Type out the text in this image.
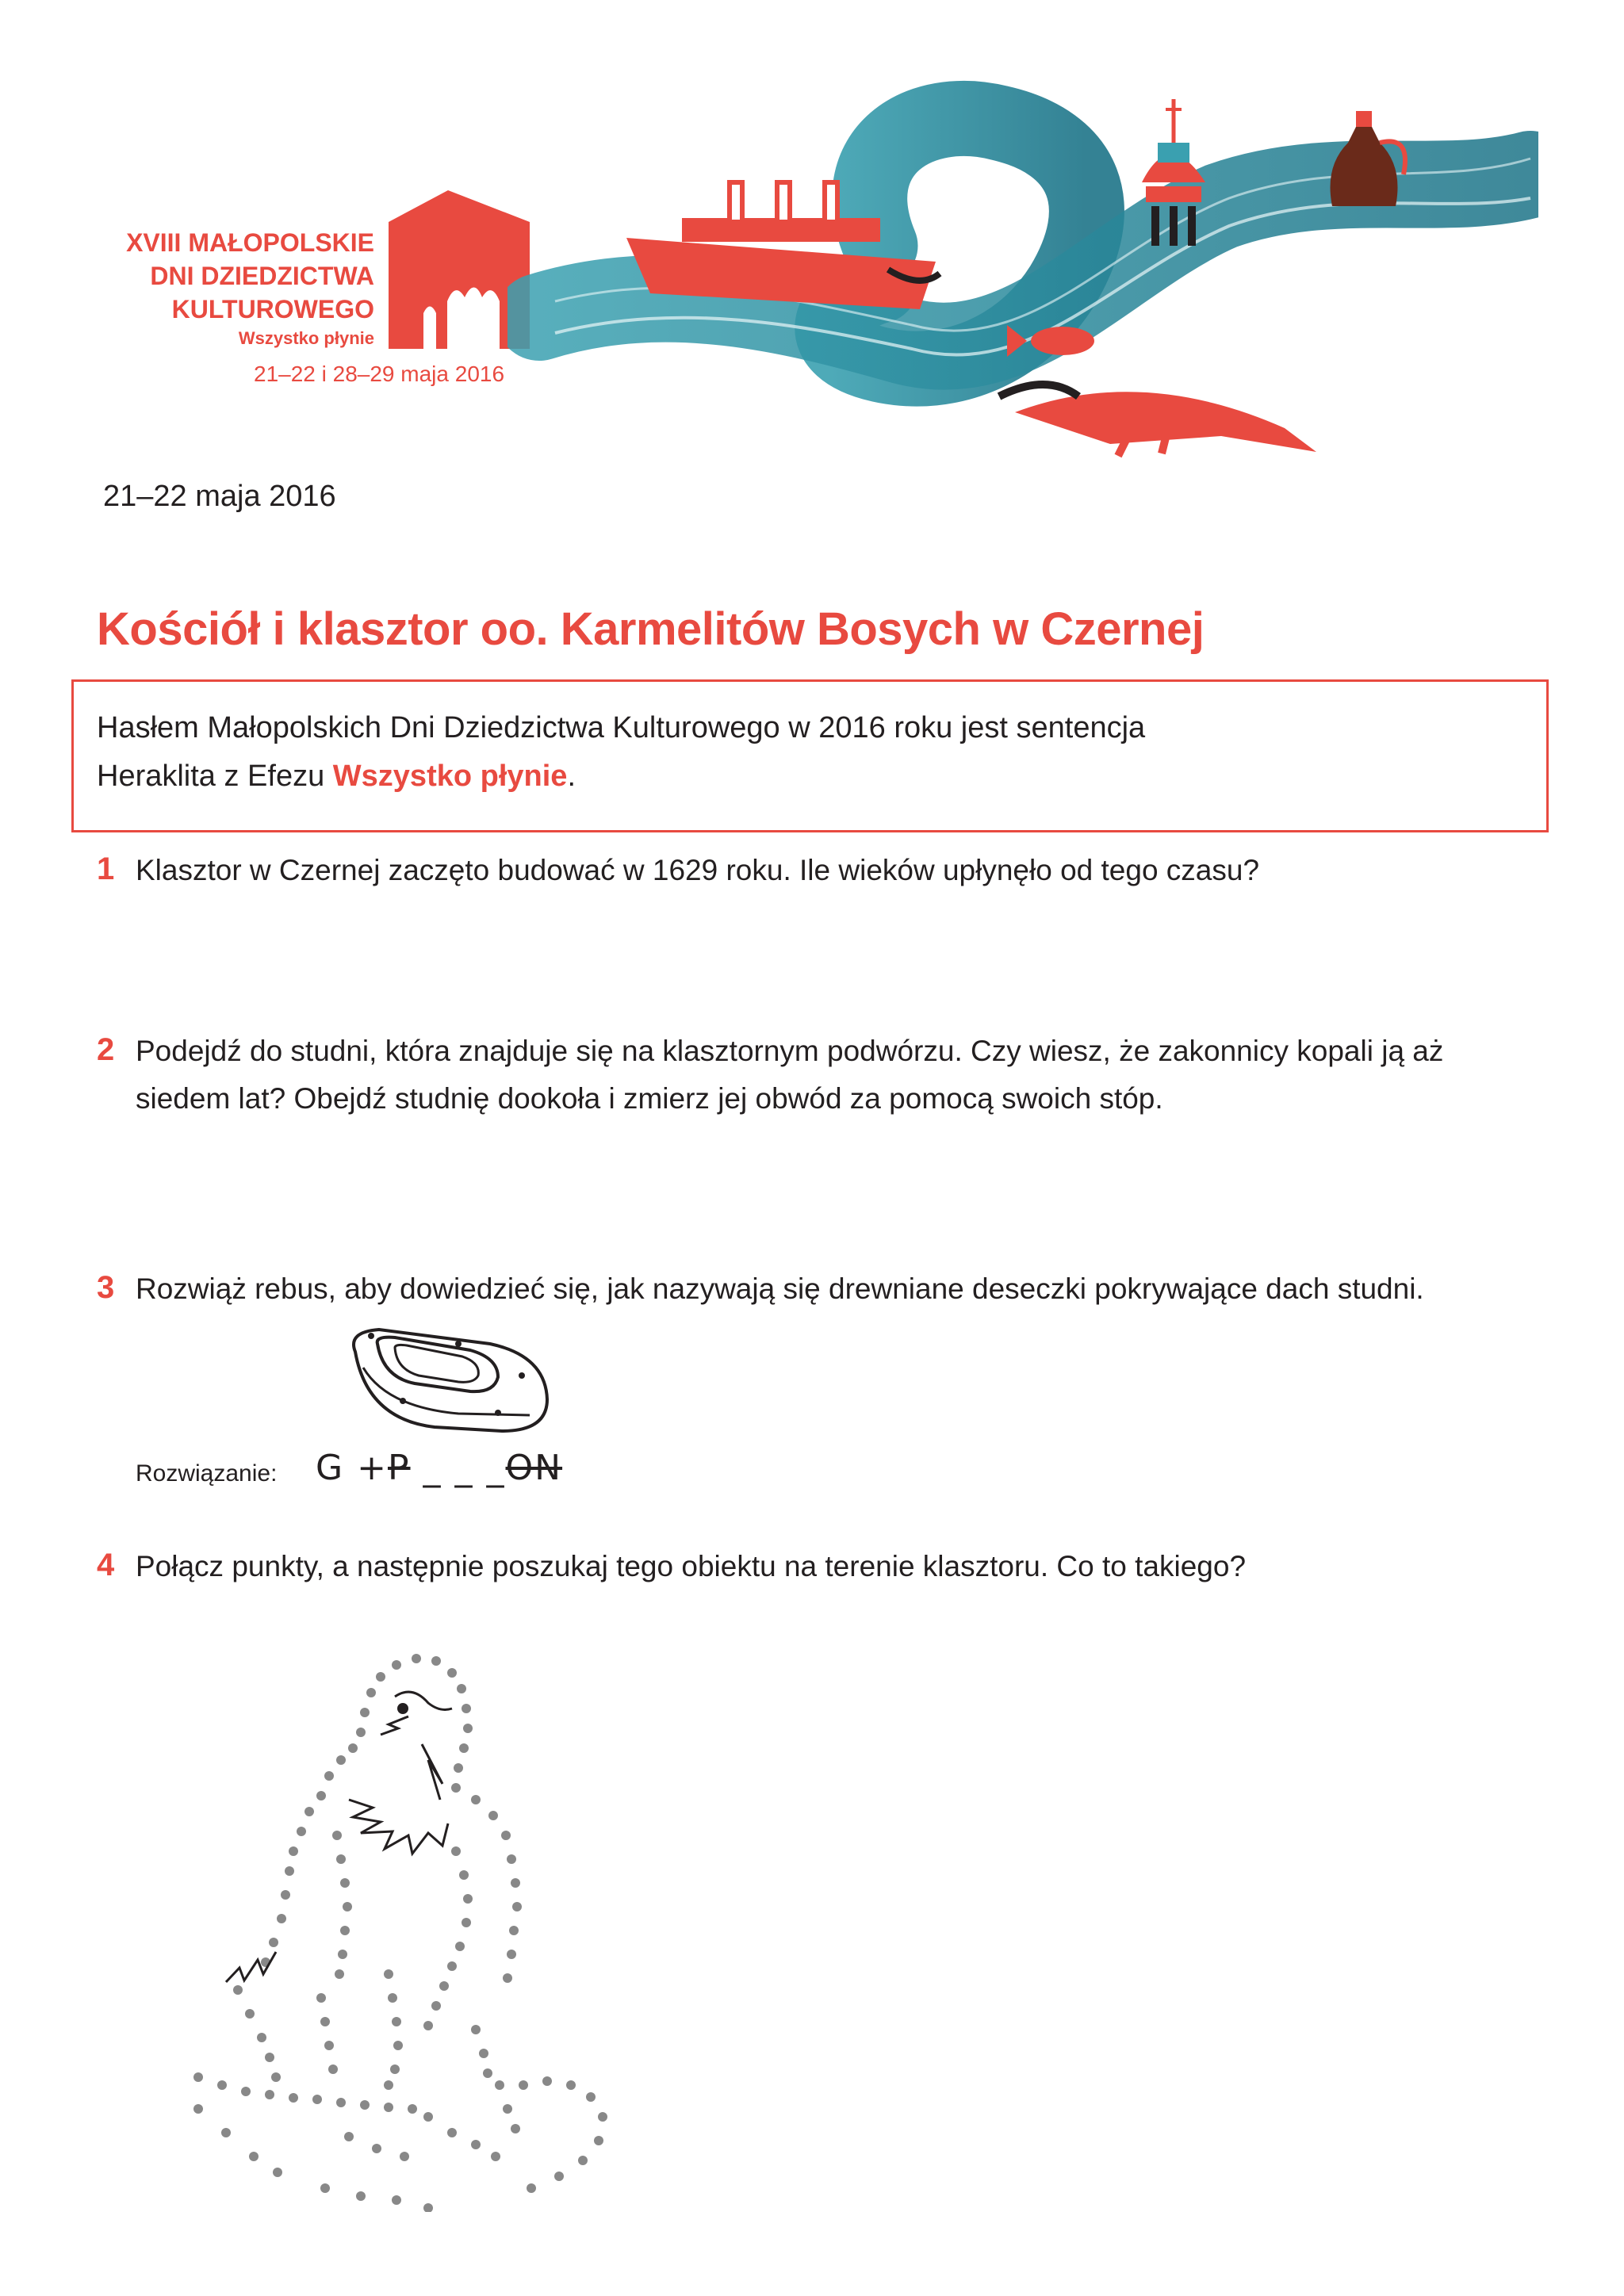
XVIII MAŁOPOLSKIE
DNI DZIEDZICTWA
KULTUROWEGO
Wszystko płynie
21–22 i 28–29 maja 2016
21–22 maja 2016
Kościół i klasztor oo. Karmelitów Bosych w Czernej
Hasłem Małopolskich Dni Dziedzictwa Kulturowego w 2016 roku jest sentencja
Heraklita z Efezu Wszystko płynie.
1 Klasztor w Czernej zaczęto budować w 1629 roku. Ile wieków upłynęło od tego czasu?
2 Podejdź do studni, która znajduje się na klasztornym podwórzu. Czy wiesz, że zakonnicy kopali ją aż
siedem lat? Obejdź studnię dookoła i zmierz jej obwód za pomocą swoich stóp.
3 Rozwiąż rebus, aby dowiedzieć się, jak nazywają się drewniane deseczki pokrywające dach studni.
Rozwiązanie: G +P _ _ _ON
4 Połącz punkty, a następnie poszukaj tego obiektu na terenie klasztoru. Co to takiego?
